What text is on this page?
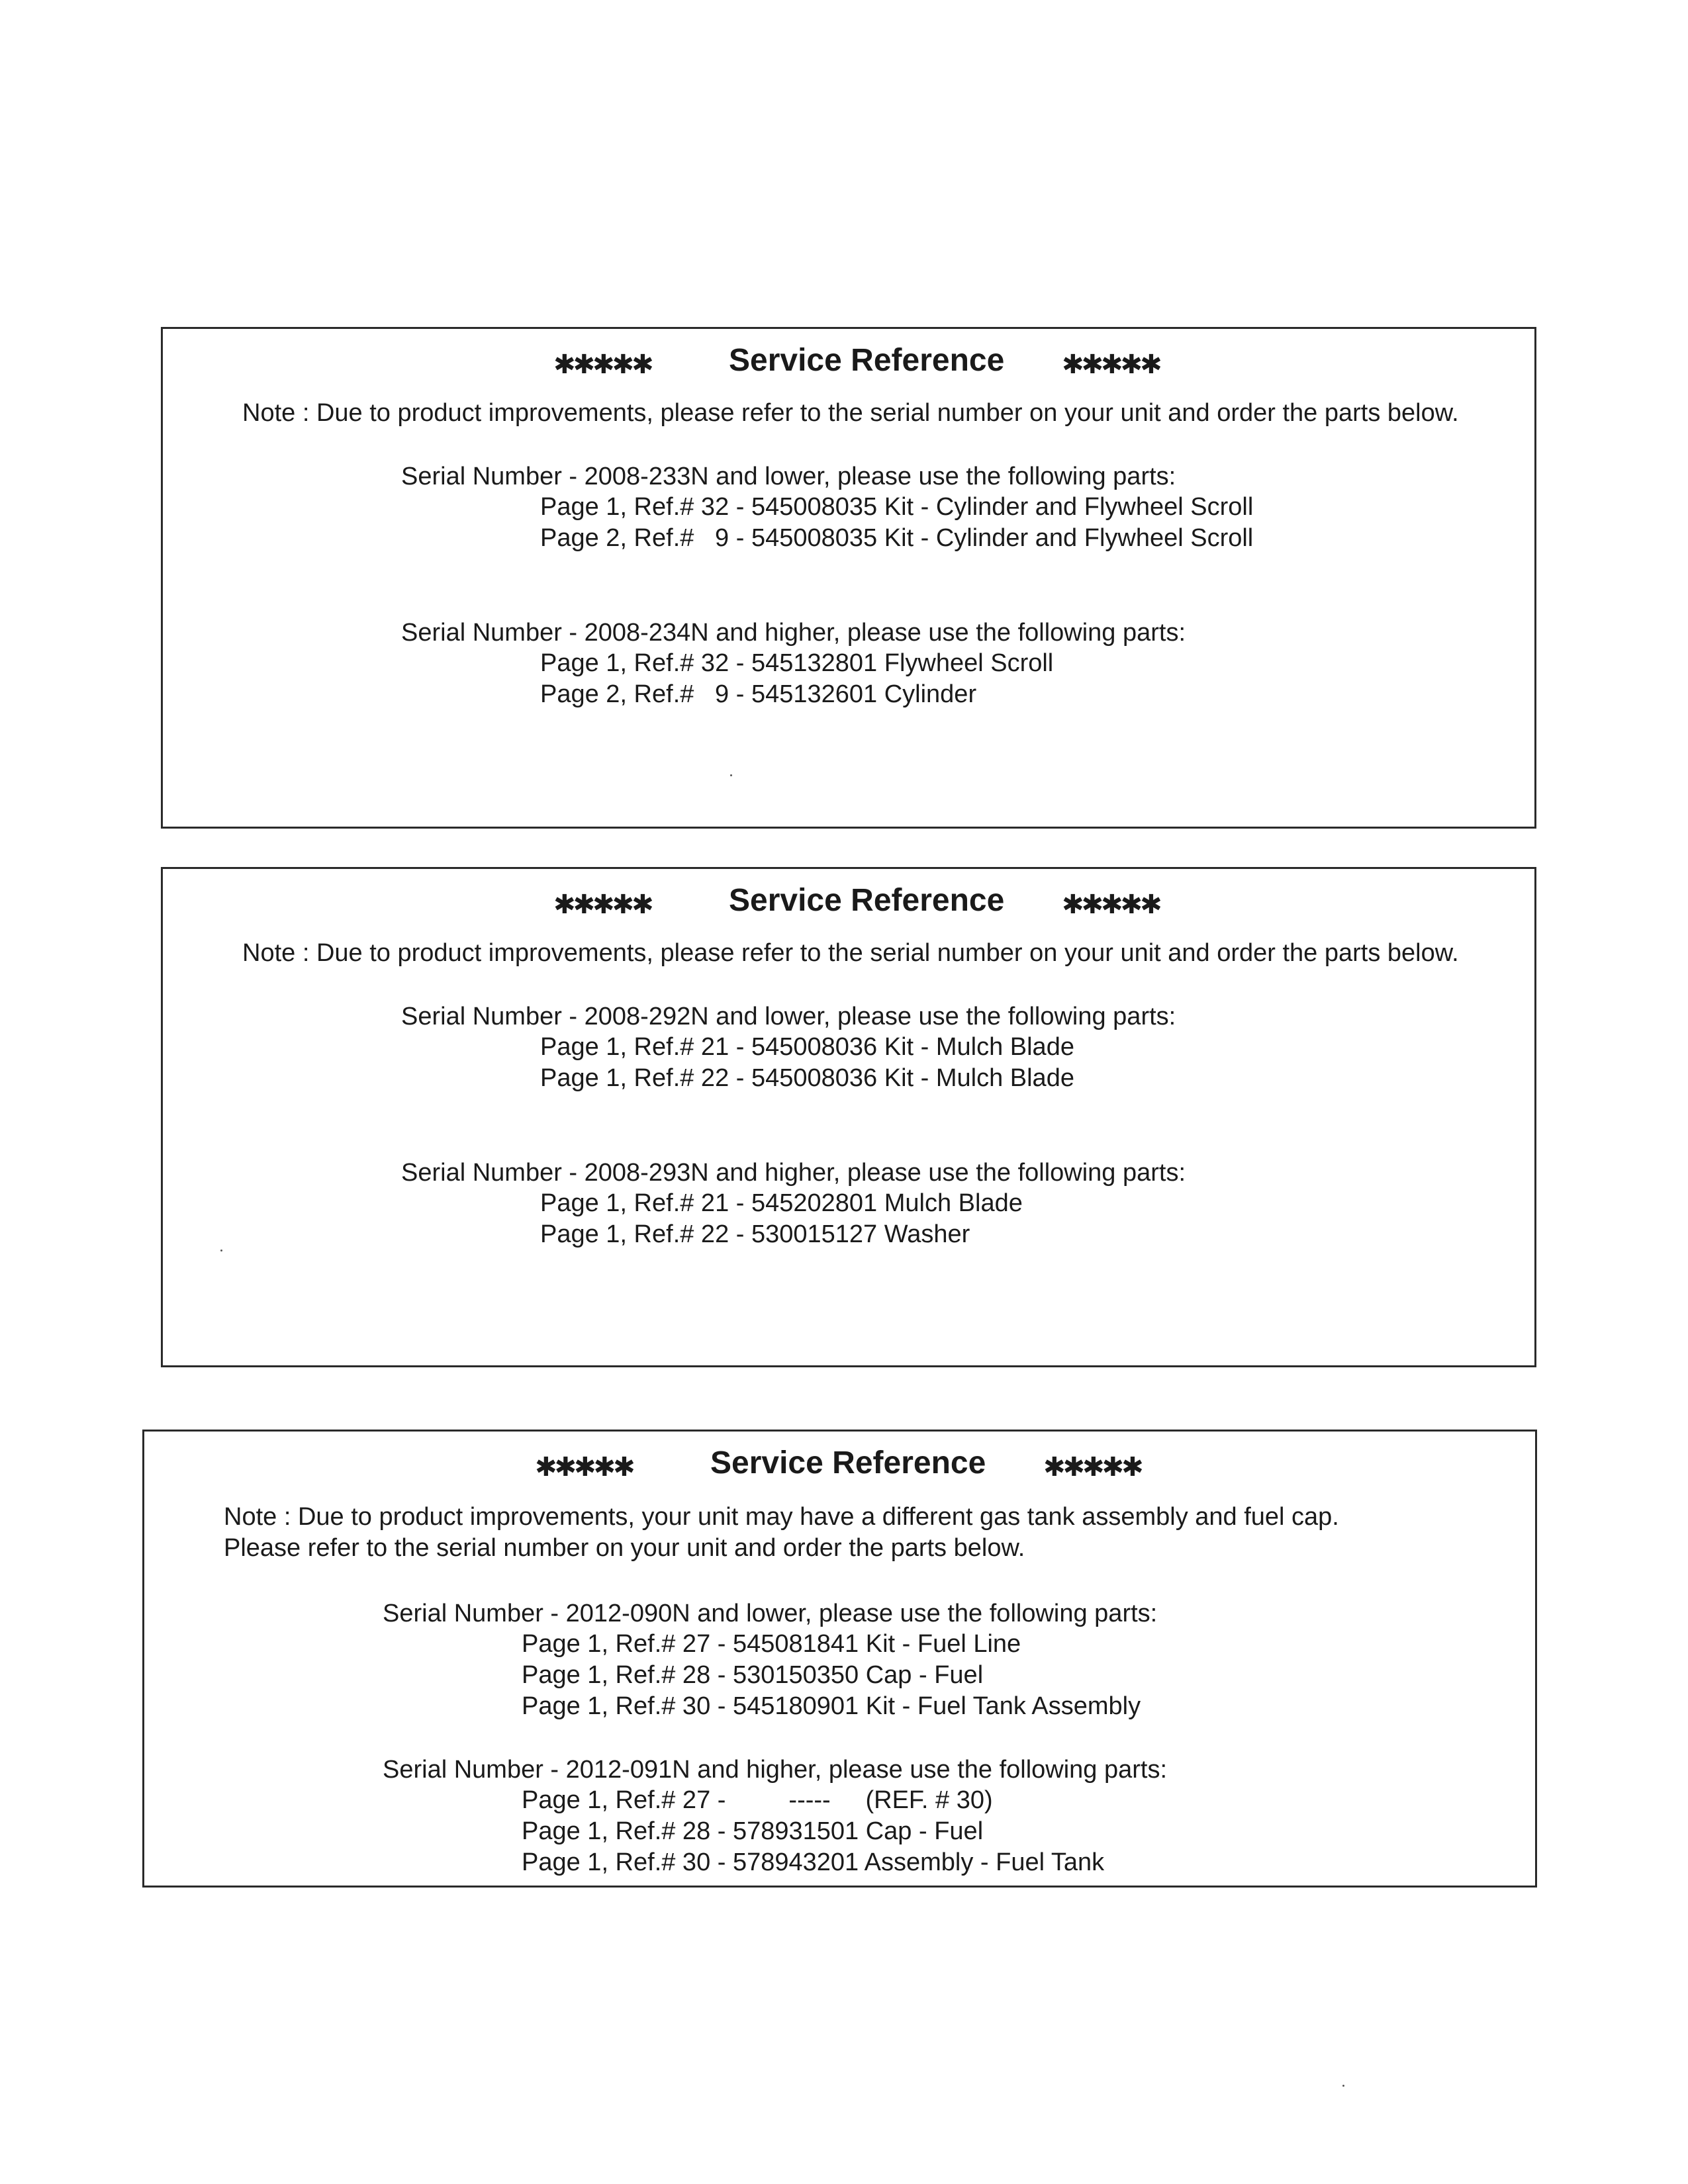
✱✱✱✱✱ Service Reference ✱✱✱✱✱
Note : Due to product improvements, please refer to the serial number on your unit and order the parts below.
Serial Number - 2008-233N and lower, please use the following parts:
Page 1, Ref.# 32 - 545008035 Kit - Cylinder and Flywheel Scroll
Page 2, Ref.#   9 - 545008035 Kit - Cylinder and Flywheel Scroll
Serial Number - 2008-234N and higher, please use the following parts:
Page 1, Ref.# 32 - 545132801 Flywheel Scroll
Page 2, Ref.#   9 - 545132601 Cylinder
✱✱✱✱✱ Service Reference ✱✱✱✱✱
Note : Due to product improvements, please refer to the serial number on your unit and order the parts below.
Serial Number - 2008-292N and lower, please use the following parts:
Page 1, Ref.# 21 - 545008036 Kit - Mulch Blade
Page 1, Ref.# 22 - 545008036 Kit - Mulch Blade
Serial Number - 2008-293N and higher, please use the following parts:
Page 1, Ref.# 21 - 545202801 Mulch Blade
Page 1, Ref.# 22 - 530015127 Washer
✱✱✱✱✱ Service Reference ✱✱✱✱✱
Note : Due to product improvements, your unit may have a different gas tank assembly and fuel cap.
Please refer to the serial number on your unit and order the parts below.
Serial Number - 2012-090N and lower, please use the following parts:
Page 1, Ref.# 27 - 545081841 Kit - Fuel Line
Page 1, Ref.# 28 - 530150350 Cap - Fuel
Page 1, Ref.# 30 - 545180901 Kit - Fuel Tank Assembly
Serial Number - 2012-091N and higher, please use the following parts:
Page 1, Ref.# 27 -         -----     (REF. # 30)
Page 1, Ref.# 28 - 578931501 Cap - Fuel
Page 1, Ref.# 30 - 578943201 Assembly - Fuel Tank
